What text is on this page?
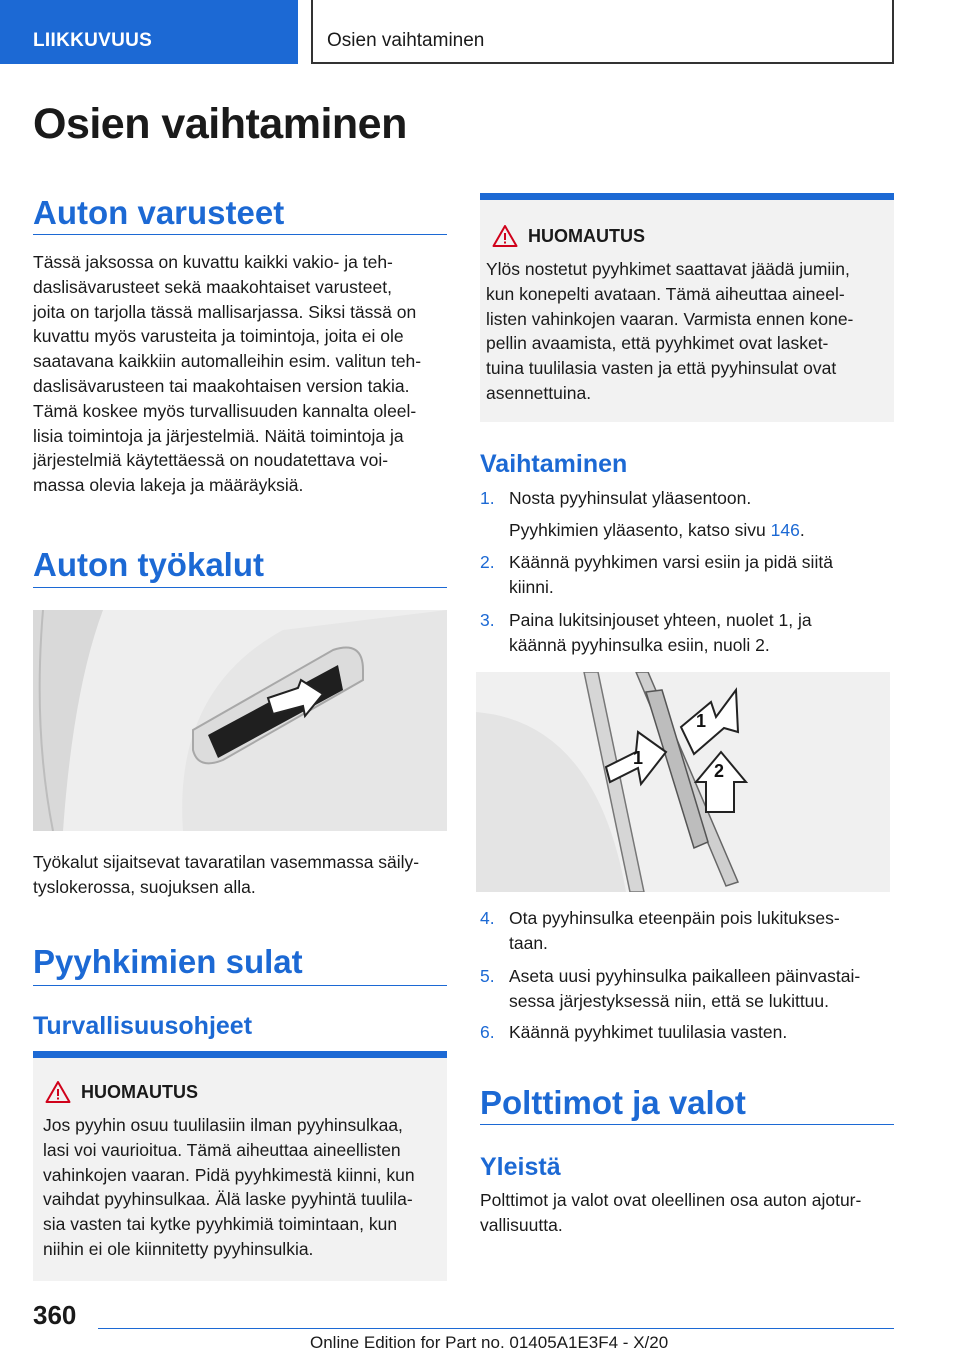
LIIKKUVUUS	Osien vaihtaminen
Osien vaihtaminen
Auton varusteet
Tässä jaksossa on kuvattu kaikki vakio- ja teh-
daslisävarusteet sekä maakohtaiset varusteet,
joita on tarjolla tässä mallisarjassa. Siksi tässä on
kuvattu myös varusteita ja toimintoja, joita ei ole
saatavana kaikkiin automalleihin esim. valitun teh-
daslisävarusteen tai maakohtaisen version takia.
Tämä koskee myös turvallisuuden kannalta oleel-
lisia toimintoja ja järjestelmiä. Näitä toimintoja ja
järjestelmiä käytettäessä on noudatettava voi-
massa olevia lakeja ja määräyksiä.
Auton työkalut
Työkalut sijaitsevat tavaratilan vasemmassa säily-
tyslokerossa, suojuksen alla.
Pyyhkimien sulat
Turvallisuusohjeet
HUOMAUTUS
Jos pyyhin osuu tuulilasiin ilman pyyhinsulkaa,
lasi voi vaurioitua. Tämä aiheuttaa aineellisten
vahinkojen vaaran. Pidä pyyhkimestä kiinni, kun
vaihdat pyyhinsulkaa. Älä laske pyyhintä tuulila-
sia vasten tai kytke pyyhkimiä toimintaan, kun
niihin ei ole kiinnitetty pyyhinsulkia.
HUOMAUTUS
Ylös nostetut pyyhkimet saattavat jäädä jumiin,
kun konepelti avataan. Tämä aiheuttaa aineel-
listen vahinkojen vaaran. Varmista ennen kone-
pellin avaamista, että pyyhkimet ovat lasket-
tuina tuulilasia vasten ja että pyyhinsulat ovat
asennettuina.
Vaihtaminen
1. Nosta pyyhinsulat yläasentoon.
2. Käännä pyyhkimen varsi esiin ja pidä siitä
kiinni.
3. Paina lukitsinjouset yhteen, nuolet 1, ja
käännä pyyhinsulka esiin, nuoli 2.
4. Ota pyyhinsulka eteenpäin pois lukitukses-
taan.
5. Aseta uusi pyyhinsulka paikalleen päinvastai-
sessa järjestyksessä niin, että se lukittuu.
6. Käännä pyyhkimet tuulilasia vasten.
Pyyhkimien yläasento, katso sivu 146.
1
1
2
Polttimot ja valot
Yleistä
Polttimot ja valot ovat oleellinen osa auton ajotur-
vallisuutta.
360
Online Edition for Part no. 01405A1E3F4 - X/20
